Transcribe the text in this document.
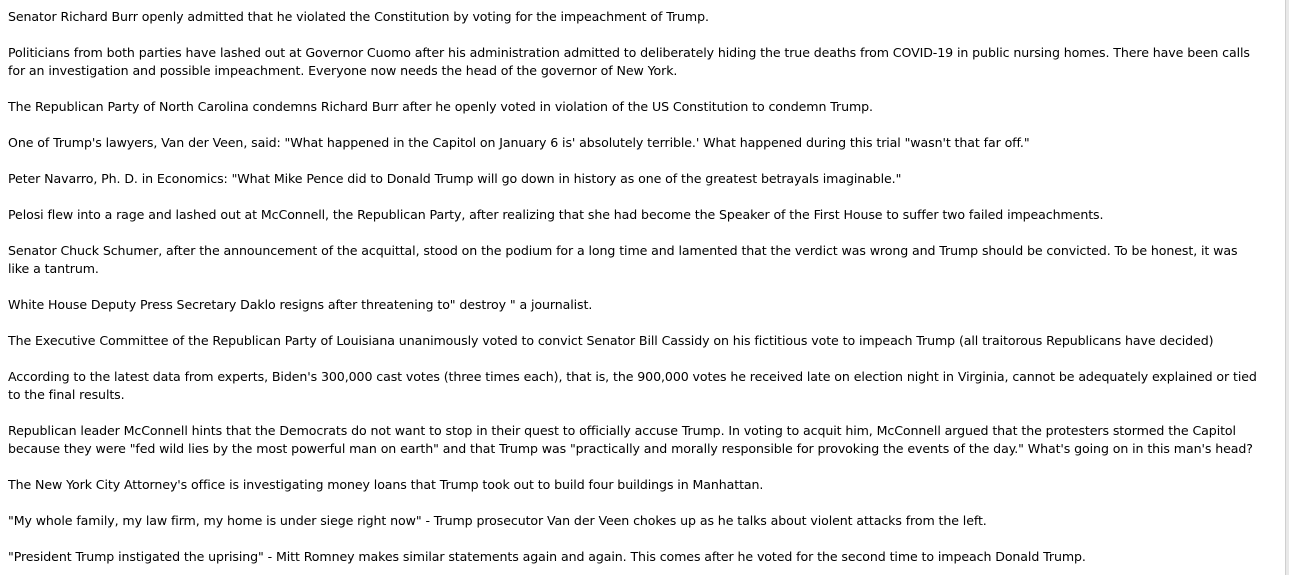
Senator Richard Burr openly admitted that he violated the Constitution by voting for the impeachment of Trump.

Politicians from both parties have lashed out at Governor Cuomo after his administration admitted to deliberately hiding the true deaths from COVID-19 in public nursing homes. There have been calls for an investigation and possible impeachment. Everyone now needs the head of the governor of New York.

The Republican Party of North Carolina condemns Richard Burr after he openly voted in violation of the US Constitution to condemn Trump.

One of Trump's lawyers, Van der Veen, said: "What happened in the Capitol on January 6 is' absolutely terrible.' What happened during this trial "wasn't that far off."

Peter Navarro, Ph. D. in Economics: "What Mike Pence did to Donald Trump will go down in history as one of the greatest betrayals imaginable."

Pelosi flew into a rage and lashed out at McConnell, the Republican Party, after realizing that she had become the Speaker of the First House to suffer two failed impeachments.

Senator Chuck Schumer, after the announcement of the acquittal, stood on the podium for a long time and lamented that the verdict was wrong and Trump should be convicted. To be honest, it was like a tantrum.

White House Deputy Press Secretary Daklo resigns after threatening to" destroy " a journalist.

The Executive Committee of the Republican Party of Louisiana unanimously voted to convict Senator Bill Cassidy on his fictitious vote to impeach Trump (all traitorous Republicans have decided)

According to the latest data from experts, Biden's 300,000 cast votes (three times each), that is, the 900,000 votes he received late on election night in Virginia, cannot be adequately explained or tied to the final results.

Republican leader McConnell hints that the Democrats do not want to stop in their quest to officially accuse Trump. In voting to acquit him, McConnell argued that the protesters stormed the Capitol because they were "fed wild lies by the most powerful man on earth" and that Trump was "practically and morally responsible for provoking the events of the day." What's going on in this man's head?

The New York City Attorney's office is investigating money loans that Trump took out to build four buildings in Manhattan.

"My whole family, my law firm, my home is under siege right now" - Trump prosecutor Van der Veen chokes up as he talks about violent attacks from the left.

"President Trump instigated the uprising" - Mitt Romney makes similar statements again and again. This comes after he voted for the second time to impeach Donald Trump.
